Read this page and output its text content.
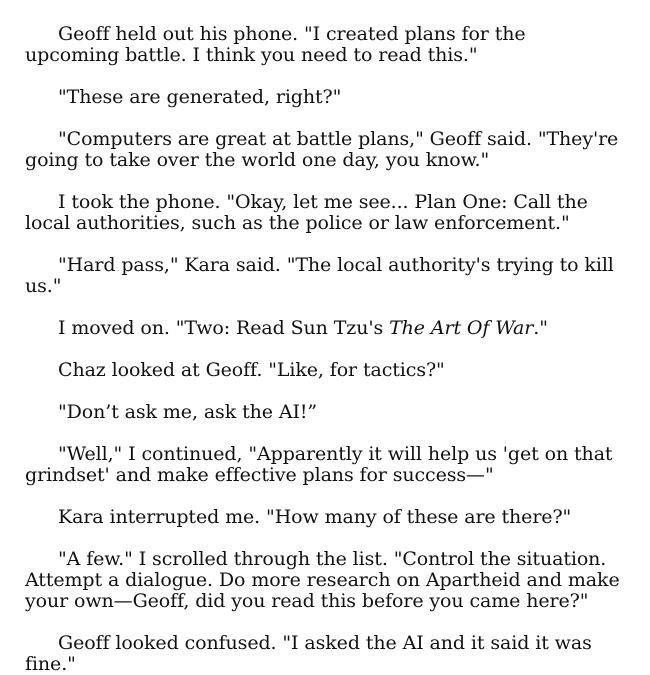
Geoff held out his phone. "I created plans for the upcoming battle. I think you need to read this."

"These are generated, right?"

"Computers are great at battle plans," Geoff said. "They're going to take over the world one day, you know."

I took the phone. "Okay, let me see... Plan One: Call the local authorities, such as the police or law enforcement."

"Hard pass," Kara said. "The local authority's trying to kill us."

I moved on. "Two: Read Sun Tzu's The Art Of War."

Chaz looked at Geoff. "Like, for tactics?"

"Don’t ask me, ask the AI!”

"Well," I continued, "Apparently it will help us 'get on that grindset' and make effective plans for success—"

Kara interrupted me. "How many of these are there?"

"A few." I scrolled through the list. "Control the situation. Attempt a dialogue. Do more research on Apartheid and make your own—Geoff, did you read this before you came here?"

Geoff looked confused. "I asked the AI and it said it was fine."
